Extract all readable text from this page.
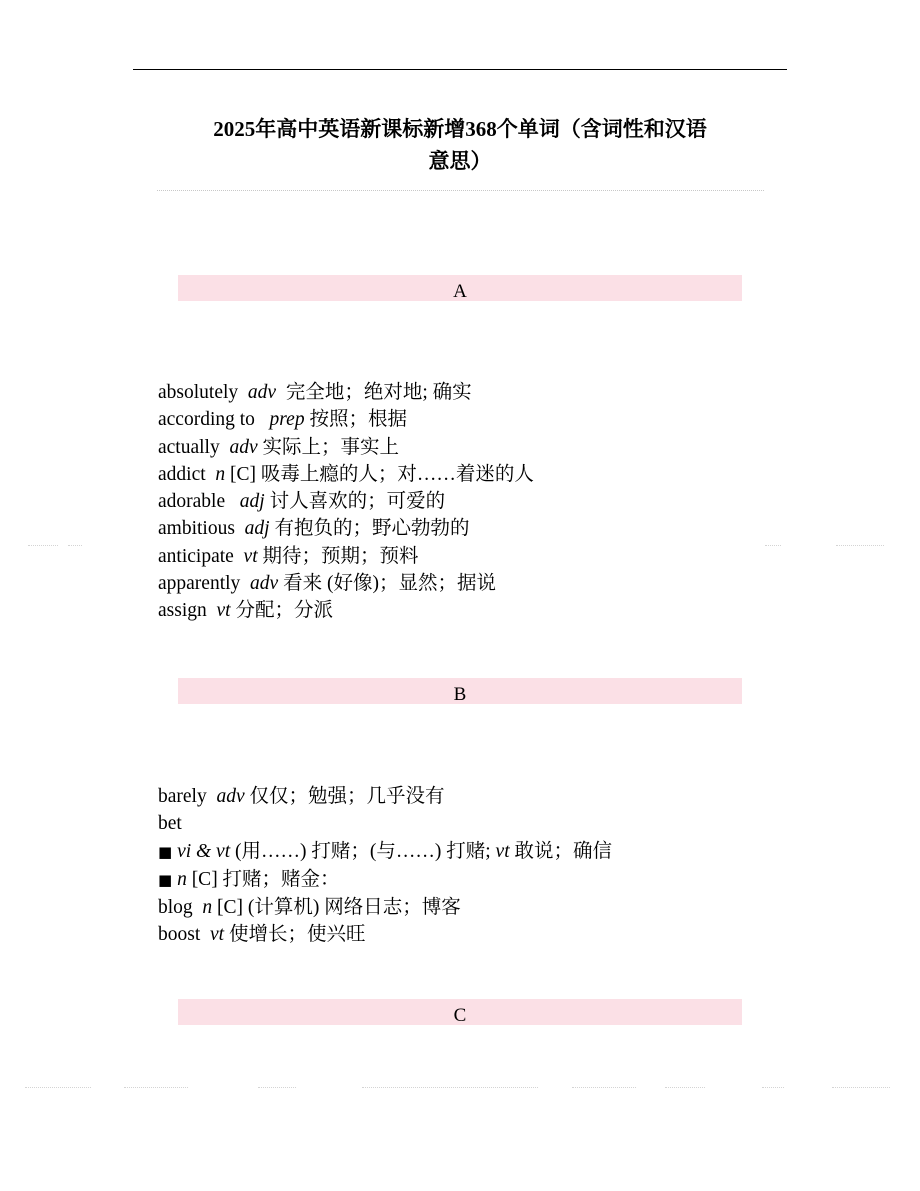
2025年高中英语新课标新增368个单词（含词性和汉语
意思）
A
absolutely adv 完全地；绝对地; 确实
according to prep 按照；根据
actually adv 实际上；事实上
addict n [C] 吸毒上瘾的人；对……着迷的人
adorable adj 讨人喜欢的；可爱的
ambitious adj 有抱负的；野心勃勃的
anticipate vt 期待；预期；预料
apparently adv 看来 (好像)；显然；据说
assign vt 分配；分派
B
barely adv 仅仅；勉强；几乎没有
bet
■ vi & vt (用……) 打赌；(与……) 打赌; vt 敢说；确信
■ n [C] 打赌；赌金：
blog n [C] (计算机) 网络日志；博客
boost vt 使增长；使兴旺
C
